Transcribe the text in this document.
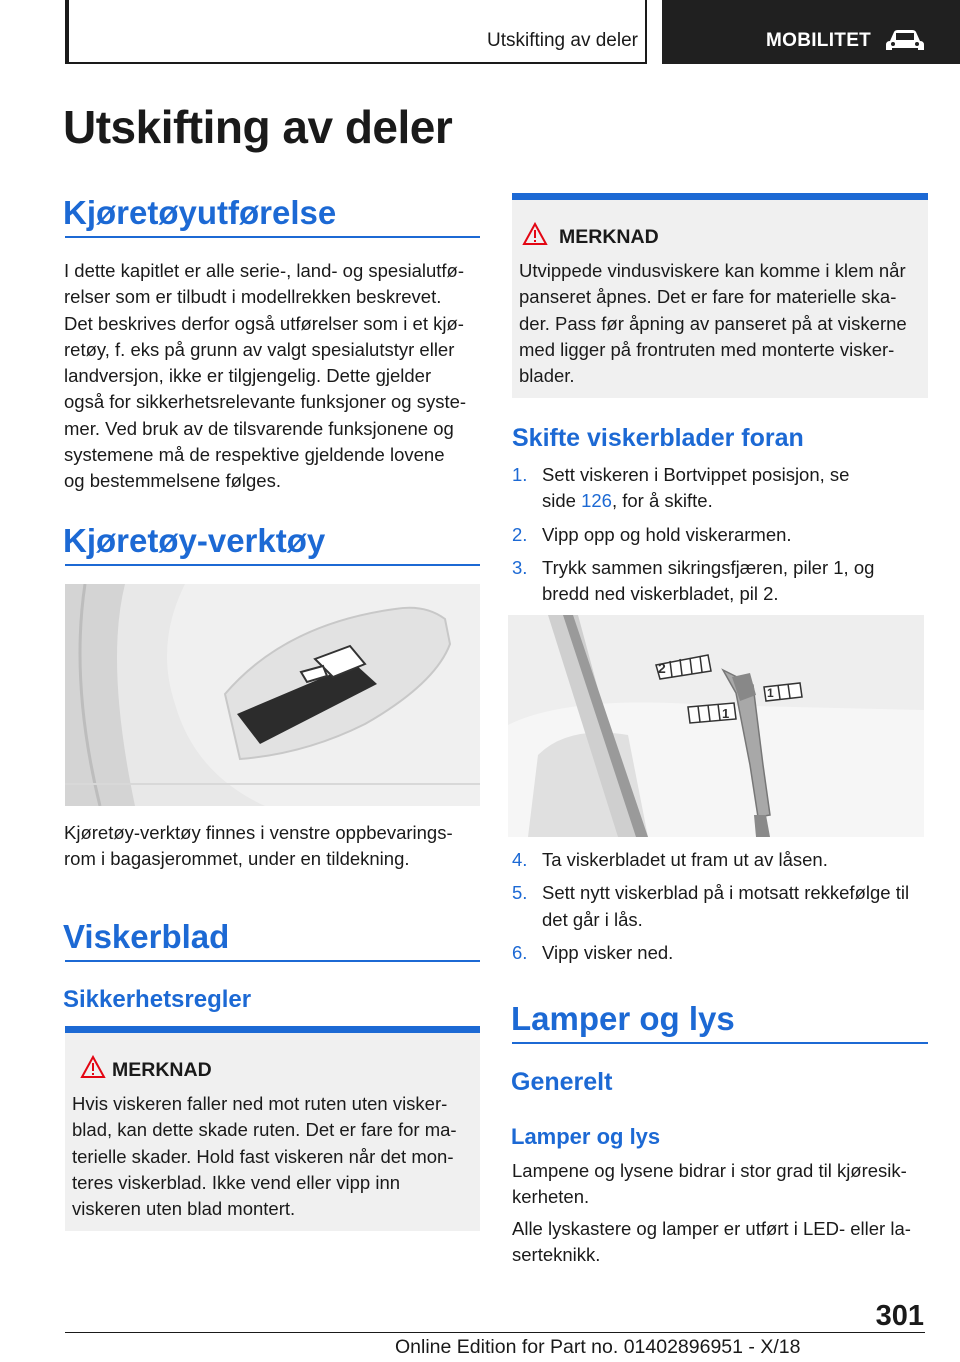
Utskifting av deler	MOBILITET
Utskifting av deler
Kjøretøyutførelse
I dette kapitlet er alle serie-, land- og spesialutfø-
relser som er tilbudt i modellrekken beskrevet.
Det beskrives derfor også utførelser som i et kjø-
retøy, f. eks på grunn av valgt spesialutstyr eller
landversjon, ikke er tilgjengelig. Dette gjelder
også for sikkerhetsrelevante funksjoner og syste-
mer. Ved bruk av de tilsvarende funksjonene og
systemene må de respektive gjeldende lovene
og bestemmelsene følges.
Kjøretøy-verktøy
Kjøretøy-verktøy finnes i venstre oppbevarings-
rom i bagasjerommet, under en tildekning.
Viskerblad
Sikkerhetsregler
MERKNAD
Hvis viskeren faller ned mot ruten uten visker-
blad, kan dette skade ruten. Det er fare for ma-
terielle skader. Hold fast viskeren når det mon-
teres viskerblad. Ikke vend eller vipp inn
viskeren uten blad montert.
MERKNAD
Utvippede vindusviskere kan komme i klem når
panseret åpnes. Det er fare for materielle ska-
der. Pass før åpning av panseret på at viskerne
med ligger på frontruten med monterte visker-
blader.
Skifte viskerblader foran
1. Sett viskeren i Bortvippet posisjon, se
side 126, for å skifte.
2. Vipp opp og hold viskerarmen.
3. Trykk sammen sikringsfjæren, piler 1, og
bredd ned viskerbladet, pil 2.
2
1
1
4. Ta viskerbladet ut fram ut av låsen.
5. Sett nytt viskerblad på i motsatt rekkefølge til
det går i lås.
6. Vipp visker ned.
Lamper og lys
Generelt
Lamper og lys
Lampene og lysene bidrar i stor grad til kjøresik-
kerheten.
Alle lyskastere og lamper er utført i LED- eller la-
serteknikk.
301
Online Edition for Part no. 01402896951 - X/18
